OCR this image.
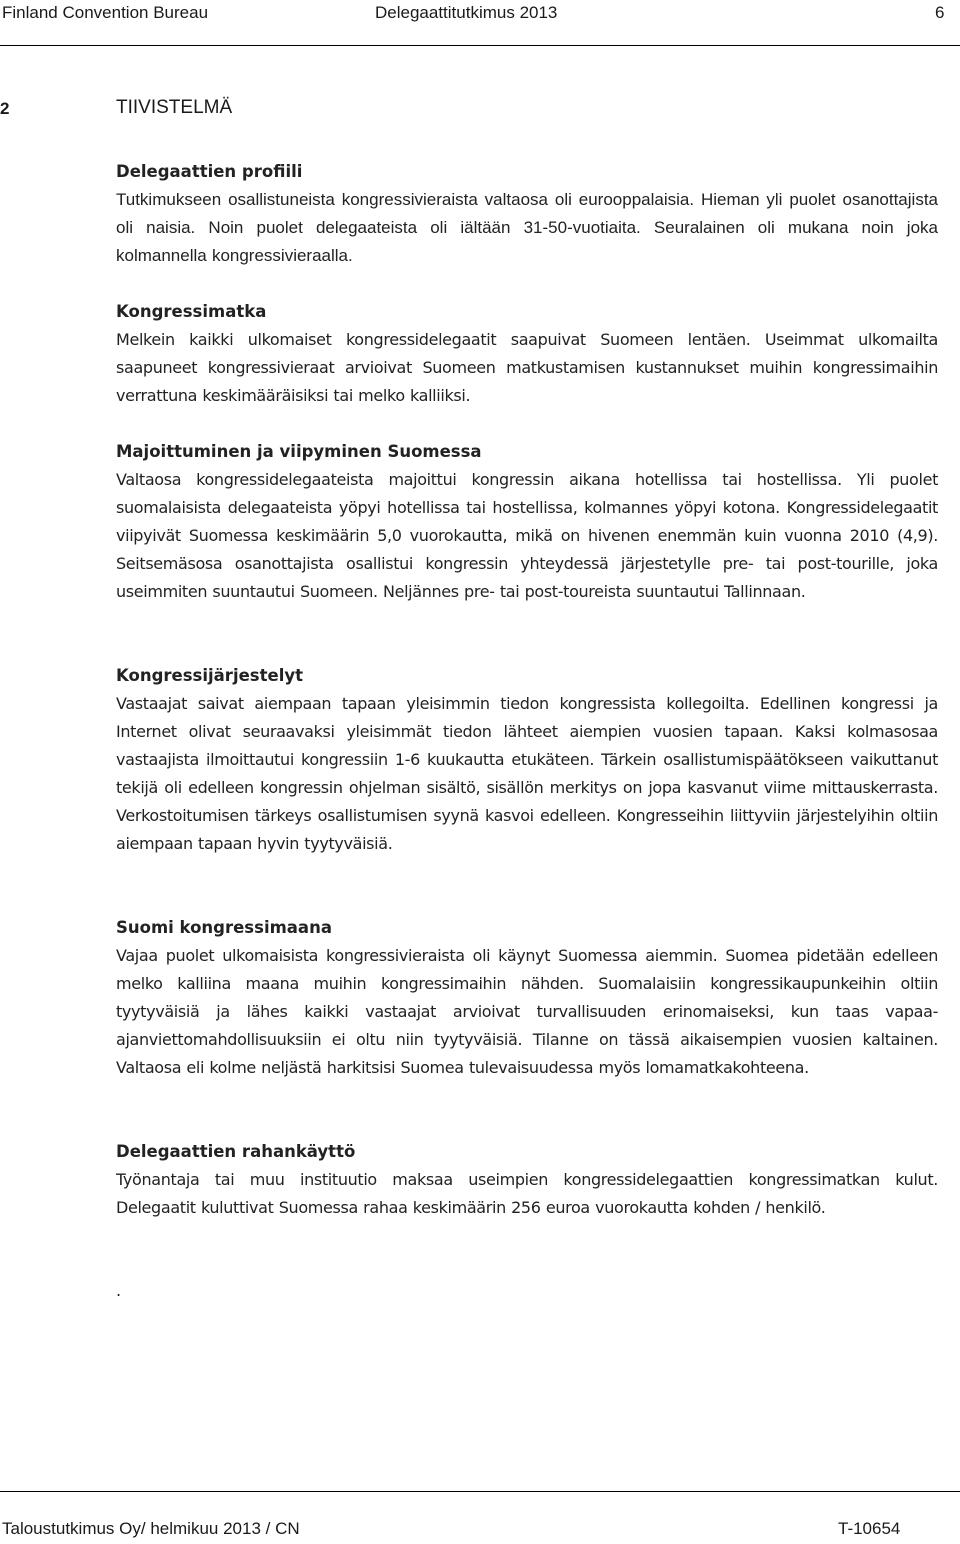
Finland Convention Bureau	Delegaattitutkimus 2013	6
2	TIIVISTELMÄ
Delegaattien profiili

Tutkimukseen osallistuneista kongressivieraista valtaosa oli eurooppalaisia. Hieman yli puolet osanottajista oli naisia. Noin puolet delegaateista oli iältään 31-50-vuotiaita. Seuralainen oli mukana noin joka kolmannella kongressivieraalla.

Kongressimatka

Melkein kaikki ulkomaiset kongressidelegaatit saapuivat Suomeen lentäen. Useimmat ulkomailta saapuneet kongressivieraat arvioivat Suomeen matkustamisen kustannukset muihin kongressimaihin verrattuna keskimääräisiksi tai melko kalliiksi.

Majoittuminen ja viipyminen Suomessa

Valtaosa kongressidelegaateista majoittui kongressin aikana hotellissa tai hostellissa. Yli puolet suomalaisista delegaateista yöpyi hotellissa tai hostellissa, kolmannes yöpyi kotona. Kongressidelegaatit viipyivät Suomessa keskimäärin 5,0 vuorokautta, mikä on hivenen enemmän kuin vuonna 2010 (4,9). Seitsemäsosa osanottajista osallistui kongressin yhteydessä järjestetylle pre- tai post-tourille, joka useimmiten suuntautui Suomeen. Neljännes pre- tai post-toureista suuntautui Tallinnaan.

Kongressijärjestelyt

Vastaajat saivat aiempaan tapaan yleisimmin tiedon kongressista kollegoilta. Edellinen kongressi ja Internet olivat seuraavaksi yleisimmät tiedon lähteet aiempien vuosien tapaan. Kaksi kolmasosaa vastaajista ilmoittautui kongressiin 1-6 kuukautta etukäteen. Tärkein osallistumispäätökseen vaikuttanut tekijä oli edelleen kongressin ohjelman sisältö, sisällön merkitys on jopa kasvanut viime mittauskerrasta. Verkostoitumisen tärkeys osallistumisen syynä kasvoi edelleen. Kongresseihin liittyviin järjestelyihin oltiin aiempaan tapaan hyvin tyytyväisiä.

Suomi kongressimaana

Vajaa puolet ulkomaisista kongressivieraista oli käynyt Suomessa aiemmin. Suomea pidetään edelleen melko kalliina maana muihin kongressimaihin nähden. Suomalaisiin kongressikaupunkeihin oltiin tyytyväisiä ja lähes kaikki vastaajat arvioivat turvallisuuden erinomaiseksi, kun taas vapaa-ajanviettomahdollisuuksiin ei oltu niin tyytyväisiä. Tilanne on tässä aikaisempien vuosien kaltainen. Valtaosa eli kolme neljästä harkitsisi Suomea tulevaisuudessa myös lomamatkakohteena.

Delegaattien rahankäyttö

Työnantaja tai muu instituutio maksaa useimpien kongressidelegaattien kongressimatkan kulut. Delegaatit kuluttivat Suomessa rahaa keskimäärin 256 euroa vuorokautta kohden / henkilö.

.
Taloustutkimus Oy/ helmikuu 2013 / CN	T-10654
